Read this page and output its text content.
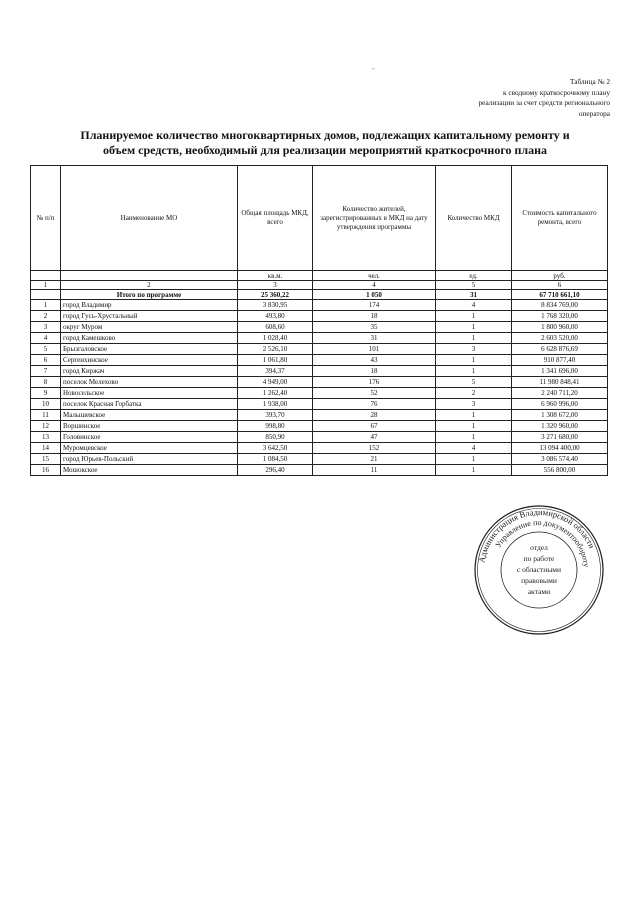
-
Таблица № 2
к сводному краткосрочному плану
реализации за счет средств регионального
оператора
Планируемое количество многоквартирных домов, подлежащих капитальному ремонту и
объем средств, необходимый для реализации мероприятий краткосрочного плана
№ п/п	Наименование МО	Общая площадь МКД, всего	Количество жителей, зарегистрированных в МКД на дату утверждения программы	Количество МКД	Стоимость капитального ремонта, всего
		кв.м.	чел.	ед.	руб.
1	2	3	4	5	6
	Итого по программе	25 360,22	1 050	31	67 710 661,10
1	город Владимир	3 830,95	174	4	8 834 769,00
2	город Гусь-Хрустальный	493,80	18	1	1 768 320,00
3	округ Муром	608,60	35	1	1 800 960,00
4	город Камешково	1 028,40	31	1	2 603 520,00
5	Брызгаловское	2 526,10	101	3	6 628 876,69
6	Сергеихинское	1 061,80	43	1	910 877,40
7	город Киржач	394,37	18	1	1 341 696,00
8	поселок Мелехово	4 949,00	176	5	11 980 848,41
9	Новосельское	1 262,40	52	2	2 240 711,20
10	поселок Красная Горбатка	1 938,00	76	3	6 960 996,00
11	Малышевское	393,70	28	1	1 308 672,00
12	Воршинское	998,80	67	1	1 320 960,00
13	Головинское	850,90	47	1	3 271 680,00
14	Муромцевское	3 642,50	152	4	13 094 400,00
15	город Юрьев-Польский	1 084,50	21	1	3 086 574,40
16	Мошокское	296,40	11	1	556 800,00
Администрация Владимирской области
Управление по документообороту
отдел
по работе
с областными
правовыми
актами
